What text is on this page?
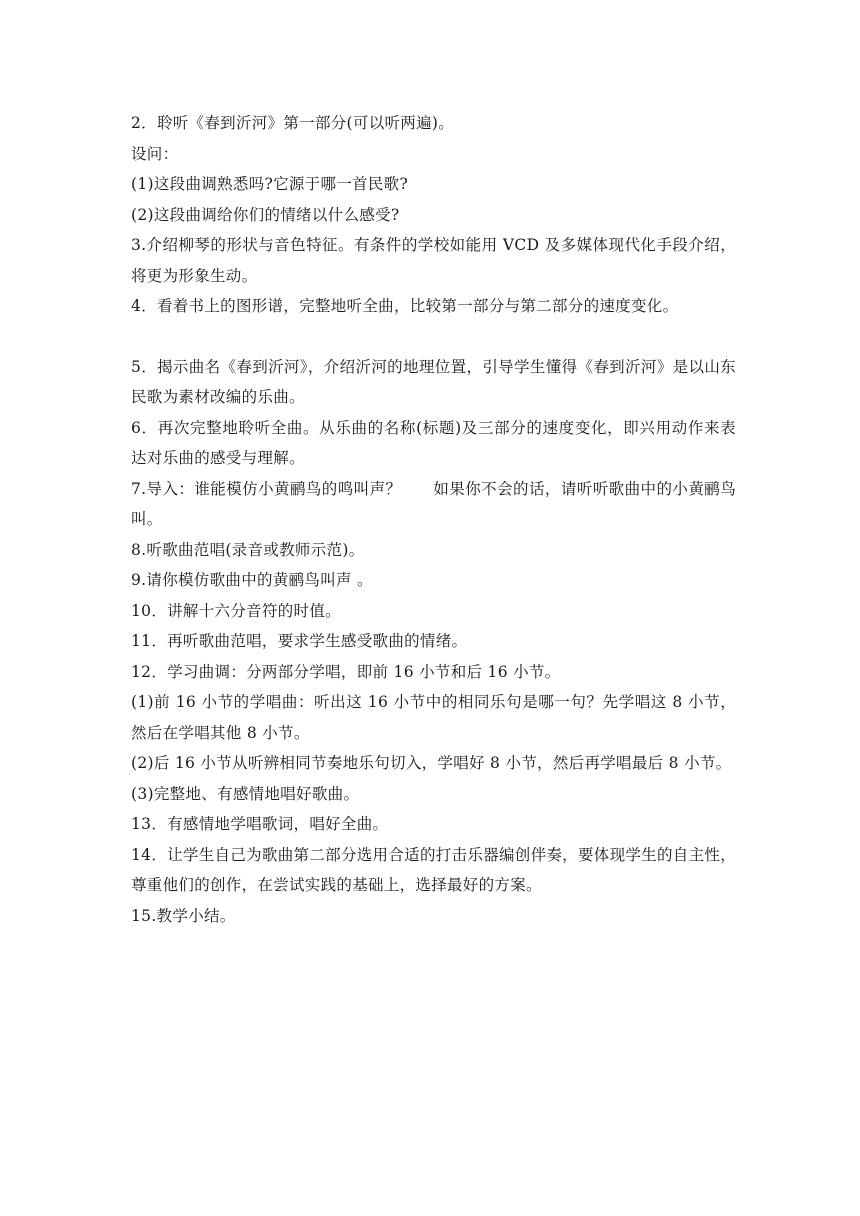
2．聆听《春到沂河》第一部分(可以听两遍)。

设问：

(1)这段曲调熟悉吗?它源于哪一首民歌?

(2)这段曲调给你们的情绪以什么感受?

3.介绍柳琴的形状与音色特征。有条件的学校如能用 VCD 及多媒体现代化手段介绍，将更为形象生动。

4．看着书上的图形谱，完整地听全曲，比较第一部分与第二部分的速度变化。

5．揭示曲名《春到沂河》，介绍沂河的地理位置，引导学生懂得《春到沂河》是以山东民歌为素材改编的乐曲。

6．再次完整地聆听全曲。从乐曲的名称(标题)及三部分的速度变化，即兴用动作来表达对乐曲的感受与理解。

7.导入：谁能模仿小黄鹂鸟的鸣叫声？　　如果你不会的话，请听听歌曲中的小黄鹂鸟叫。

8.听歌曲范唱(录音或教师示范)。

9.请你模仿歌曲中的黄鹂鸟叫声 。

10．讲解十六分音符的时值。

11．再听歌曲范唱，要求学生感受歌曲的情绪。

12．学习曲调：分两部分学唱，即前 16 小节和后 16 小节。

(1)前 16 小节的学唱曲：听出这 16 小节中的相同乐句是哪一句？先学唱这 8 小节，然后在学唱其他 8 小节。

(2)后 16 小节从听辨相同节奏地乐句切入，学唱好 8 小节，然后再学唱最后 8 小节。

(3)完整地、有感情地唱好歌曲。

13．有感情地学唱歌词，唱好全曲。

14．让学生自己为歌曲第二部分选用合适的打击乐器编创伴奏，要体现学生的自主性，尊重他们的创作，在尝试实践的基础上，选择最好的方案。

15.教学小结。
